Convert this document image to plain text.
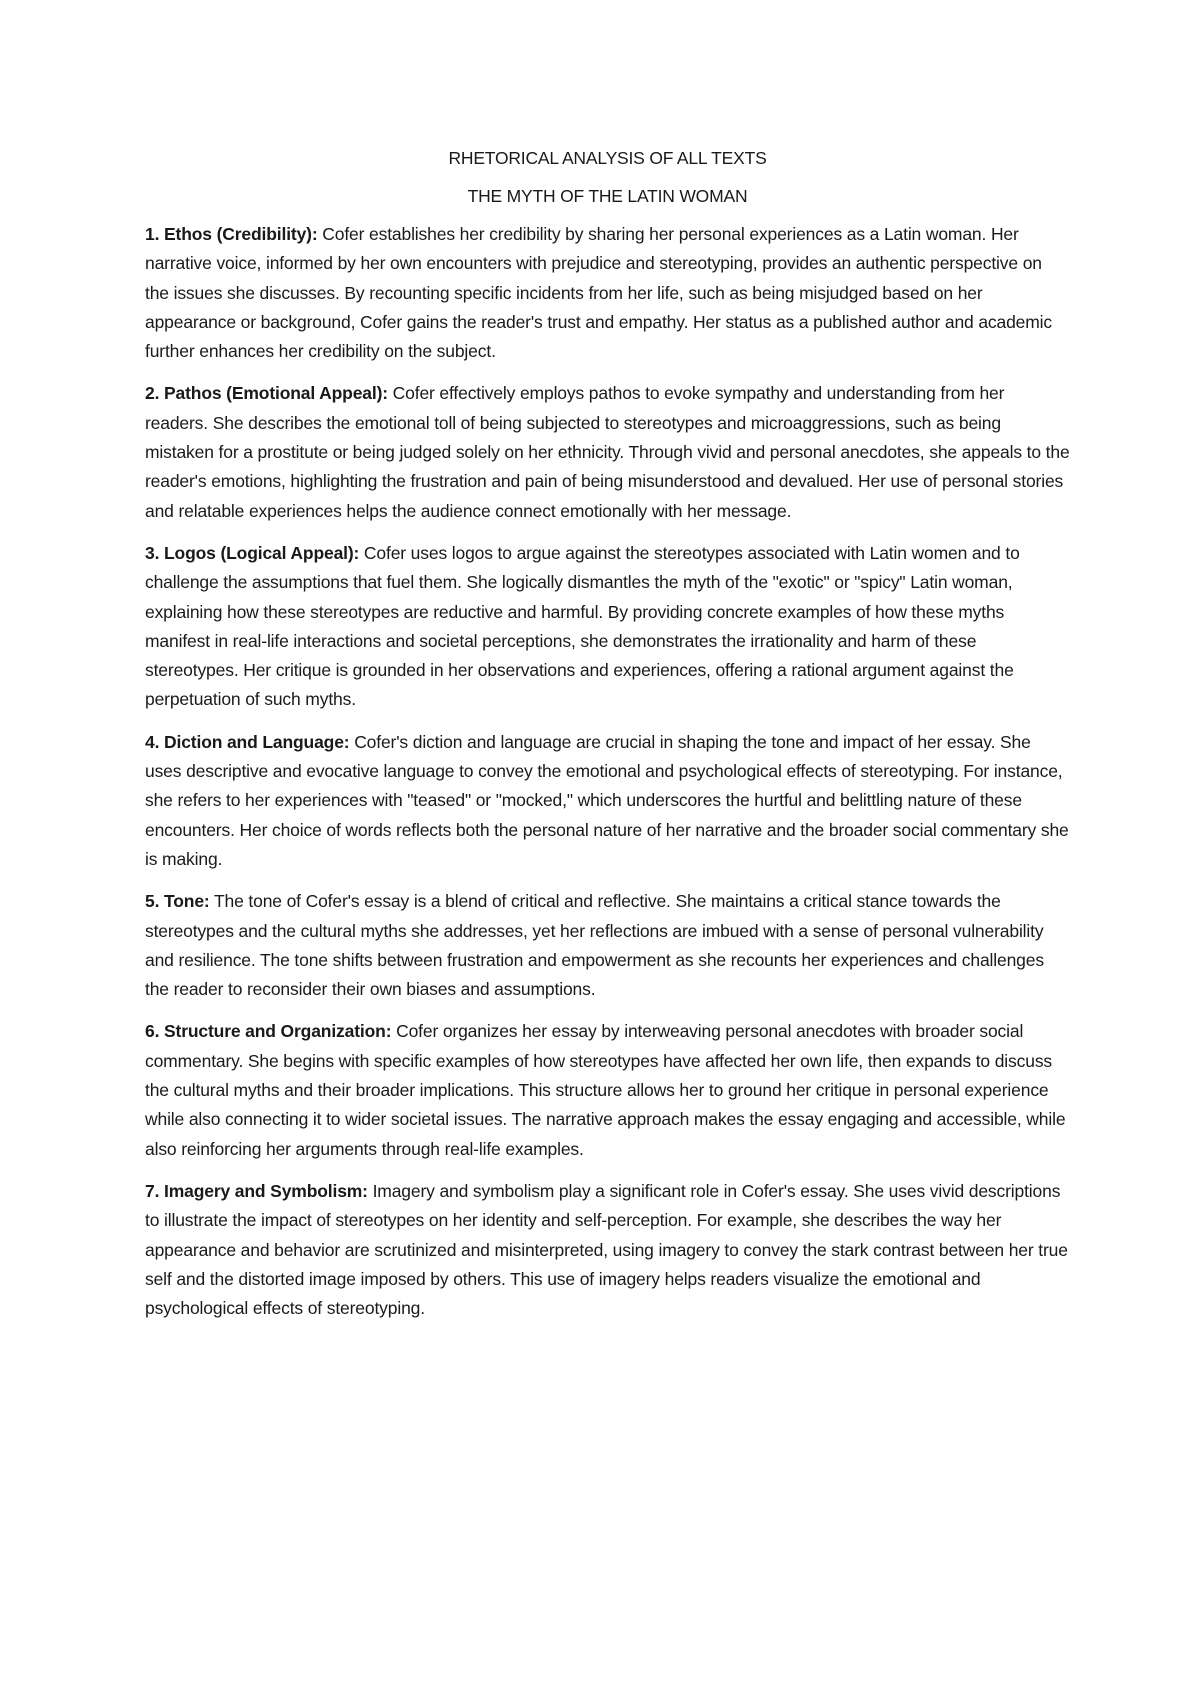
RHETORICAL ANALYSIS OF ALL TEXTS
THE MYTH OF THE LATIN WOMAN

1. Ethos (Credibility): Cofer establishes her credibility by sharing her personal experiences as a Latin woman. Her narrative voice, informed by her own encounters with prejudice and stereotyping, provides an authentic perspective on the issues she discusses. By recounting specific incidents from her life, such as being misjudged based on her appearance or background, Cofer gains the reader's trust and empathy. Her status as a published author and academic further enhances her credibility on the subject.

2. Pathos (Emotional Appeal): Cofer effectively employs pathos to evoke sympathy and understanding from her readers. She describes the emotional toll of being subjected to stereotypes and microaggressions, such as being mistaken for a prostitute or being judged solely on her ethnicity. Through vivid and personal anecdotes, she appeals to the reader's emotions, highlighting the frustration and pain of being misunderstood and devalued. Her use of personal stories and relatable experiences helps the audience connect emotionally with her message.

3. Logos (Logical Appeal): Cofer uses logos to argue against the stereotypes associated with Latin women and to challenge the assumptions that fuel them. She logically dismantles the myth of the "exotic" or "spicy" Latin woman, explaining how these stereotypes are reductive and harmful. By providing concrete examples of how these myths manifest in real-life interactions and societal perceptions, she demonstrates the irrationality and harm of these stereotypes. Her critique is grounded in her observations and experiences, offering a rational argument against the perpetuation of such myths.

4. Diction and Language: Cofer's diction and language are crucial in shaping the tone and impact of her essay. She uses descriptive and evocative language to convey the emotional and psychological effects of stereotyping. For instance, she refers to her experiences with "teased" or "mocked," which underscores the hurtful and belittling nature of these encounters. Her choice of words reflects both the personal nature of her narrative and the broader social commentary she is making.

5. Tone: The tone of Cofer's essay is a blend of critical and reflective. She maintains a critical stance towards the stereotypes and the cultural myths she addresses, yet her reflections are imbued with a sense of personal vulnerability and resilience. The tone shifts between frustration and empowerment as she recounts her experiences and challenges the reader to reconsider their own biases and assumptions.

6. Structure and Organization: Cofer organizes her essay by interweaving personal anecdotes with broader social commentary. She begins with specific examples of how stereotypes have affected her own life, then expands to discuss the cultural myths and their broader implications. This structure allows her to ground her critique in personal experience while also connecting it to wider societal issues. The narrative approach makes the essay engaging and accessible, while also reinforcing her arguments through real-life examples.

7. Imagery and Symbolism: Imagery and symbolism play a significant role in Cofer's essay. She uses vivid descriptions to illustrate the impact of stereotypes on her identity and self-perception. For example, she describes the way her appearance and behavior are scrutinized and misinterpreted, using imagery to convey the stark contrast between her true self and the distorted image imposed by others. This use of imagery helps readers visualize the emotional and psychological effects of stereotyping.
